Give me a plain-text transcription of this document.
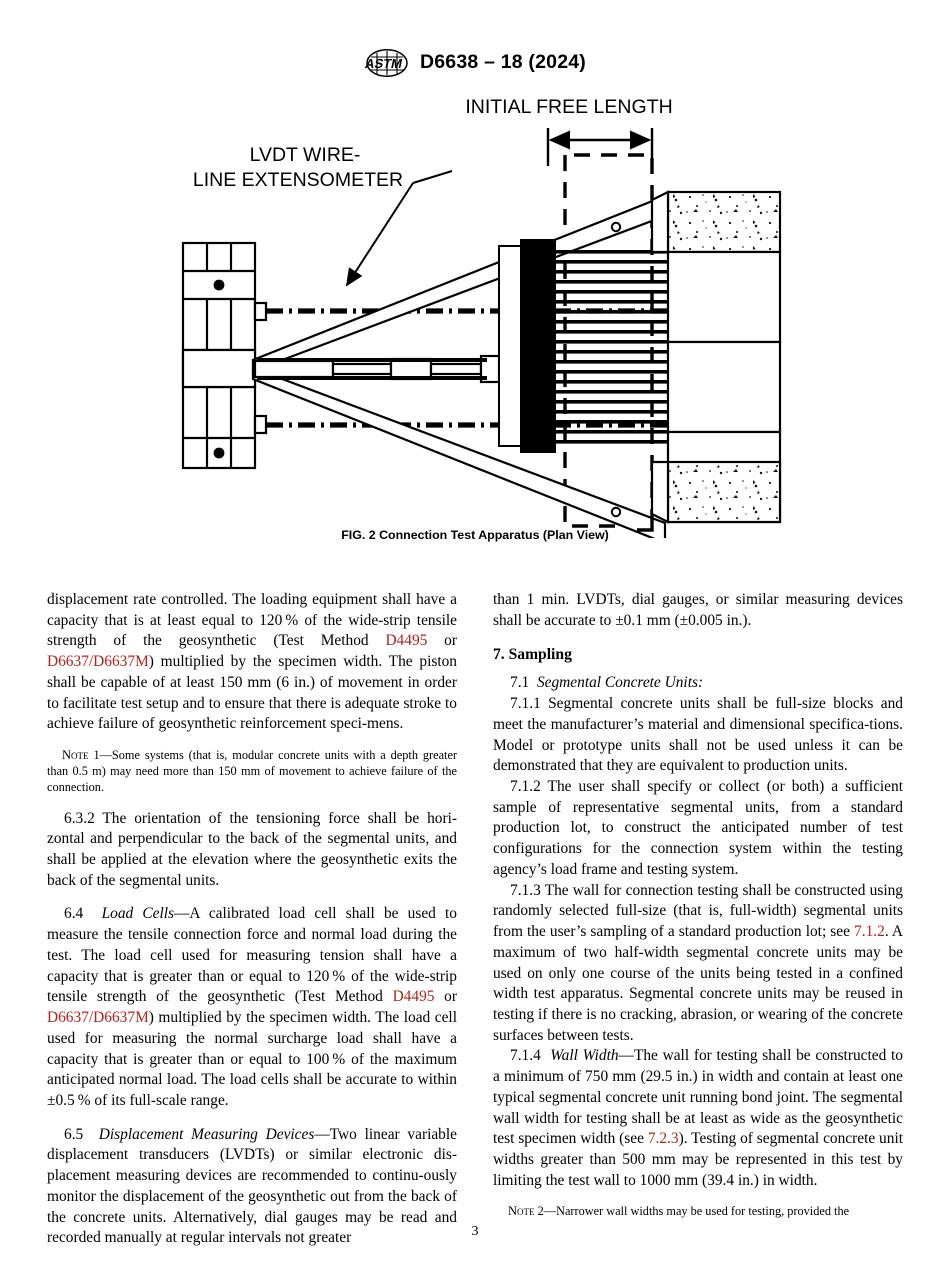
ASTM D6638 – 18 (2024)
INITIAL FREE LENGTH
LVDT WIRE-
LINE EXTENSOMETER
FIG. 2 Connection Test Apparatus (Plan View)

displacement rate controlled. The loading equipment shall have a capacity that is at least equal to 120 % of the wide-strip tensile strength of the geosynthetic (Test Method D4495 or D6637/D6637M) multiplied by the specimen width. The piston shall be capable of at least 150 mm (6 in.) of movement in order to facilitate test setup and to ensure that there is adequate stroke to achieve failure of geosynthetic reinforcement speci-mens.

Note 1—Some systems (that is, modular concrete units with a depth greater than 0.5 m) may need more than 150 mm of movement to achieve failure of the connection.

6.3.2 The orientation of the tensioning force shall be hori-zontal and perpendicular to the back of the segmental units, and shall be applied at the elevation where the geosynthetic exits the back of the segmental units.

6.4 Load Cells—A calibrated load cell shall be used to measure the tensile connection force and normal load during the test. The load cell used for measuring tension shall have a capacity that is greater than or equal to 120 % of the wide-strip tensile strength of the geosynthetic (Test Method D4495 or D6637/D6637M) multiplied by the specimen width. The load cell used for measuring the normal surcharge load shall have a capacity that is greater than or equal to 100 % of the maximum anticipated normal load. The load cells shall be accurate to within ±0.5 % of its full-scale range.

6.5 Displacement Measuring Devices—Two linear variable displacement transducers (LVDTs) or similar electronic dis-placement measuring devices are recommended to continu-ously monitor the displacement of the geosynthetic out from the back of the concrete units. Alternatively, dial gauges may be read and recorded manually at regular intervals not greater

than 1 min. LVDTs, dial gauges, or similar measuring devices shall be accurate to ±0.1 mm (±0.005 in.).

7. Sampling

7.1 Segmental Concrete Units:

7.1.1 Segmental concrete units shall be full-size blocks and meet the manufacturer’s material and dimensional specifica-tions. Model or prototype units shall not be used unless it can be demonstrated that they are equivalent to production units.

7.1.2 The user shall specify or collect (or both) a sufficient sample of representative segmental units, from a standard production lot, to construct the anticipated number of test configurations for the connection system within the testing agency’s load frame and testing system.

7.1.3 The wall for connection testing shall be constructed using randomly selected full-size (that is, full-width) segmental units from the user’s sampling of a standard production lot; see 7.1.2. A maximum of two half-width segmental concrete units may be used on only one course of the units being tested in a confined width test apparatus. Segmental concrete units may be reused in testing if there is no cracking, abrasion, or wearing of the concrete surfaces between tests.

7.1.4 Wall Width—The wall for testing shall be constructed to a minimum of 750 mm (29.5 in.) in width and contain at least one typical segmental concrete unit running bond joint. The segmental wall width for testing shall be at least as wide as the geosynthetic test specimen width (see 7.2.3). Testing of segmental concrete unit widths greater than 500 mm may be represented in this test by limiting the test wall to 1000 mm (39.4 in.) in width.

Note 2—Narrower wall widths may be used for testing, provided the

3
